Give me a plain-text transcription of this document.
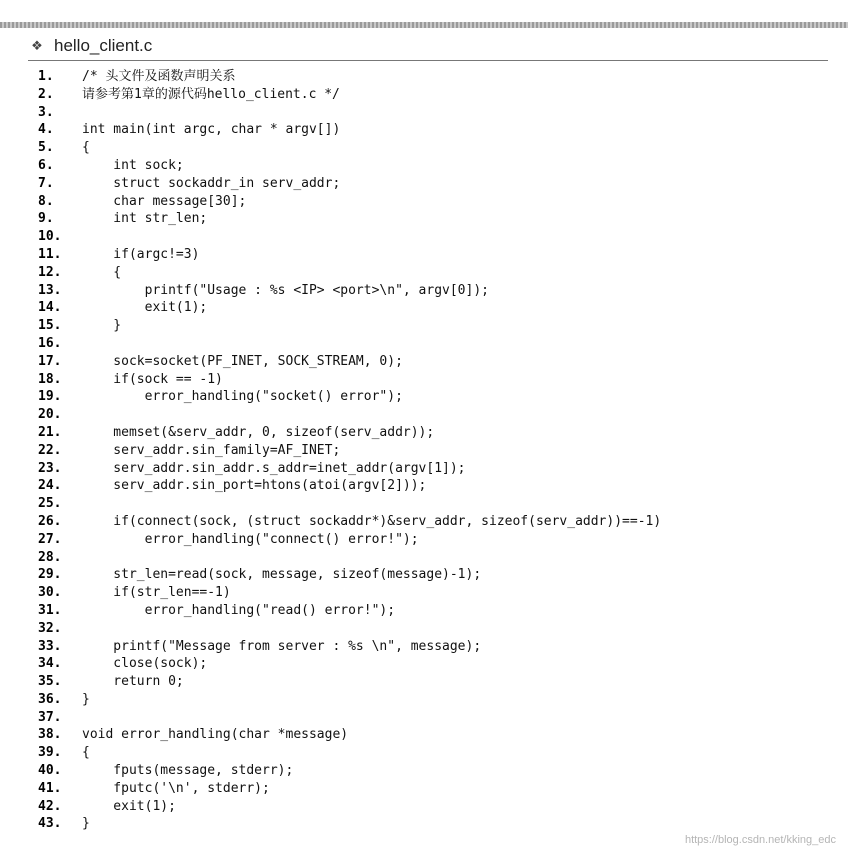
❖ hello_client.c
1.	/* 头文件及函数声明关系
2.	请参考第1章的源代码hello_client.c */
3.
4.	int main(int argc, char * argv[])
5.	{
6.	int sock;
7.	struct sockaddr_in serv_addr;
8.	char message[30];
9.	int str_len;
10.
11.	if(argc!=3)
12.	{
13.	printf("Usage : %s <IP> <port>\n", argv[0]);
14.	exit(1);
15.	}
16.
17.	sock=socket(PF_INET, SOCK_STREAM, 0);
18.	if(sock == -1)
19.	error_handling("socket() error");
20.
21.	memset(&serv_addr, 0, sizeof(serv_addr));
22.	serv_addr.sin_family=AF_INET;
23.	serv_addr.sin_addr.s_addr=inet_addr(argv[1]);
24.	serv_addr.sin_port=htons(atoi(argv[2]));
25.
26.	if(connect(sock, (struct sockaddr*)&serv_addr, sizeof(serv_addr))==-1)
27.	error_handling("connect() error!");
28.
29.	str_len=read(sock, message, sizeof(message)-1);
30.	if(str_len==-1)
31.	error_handling("read() error!");
32.
33.	printf("Message from server : %s \n", message);
34.	close(sock);
35.	return 0;
36.	}
37.
38.	void error_handling(char *message)
39.	{
40.	fputs(message, stderr);
41.	fputc('\n', stderr);
42.	exit(1);
43.	}
https://blog.csdn.net/kking_edc
